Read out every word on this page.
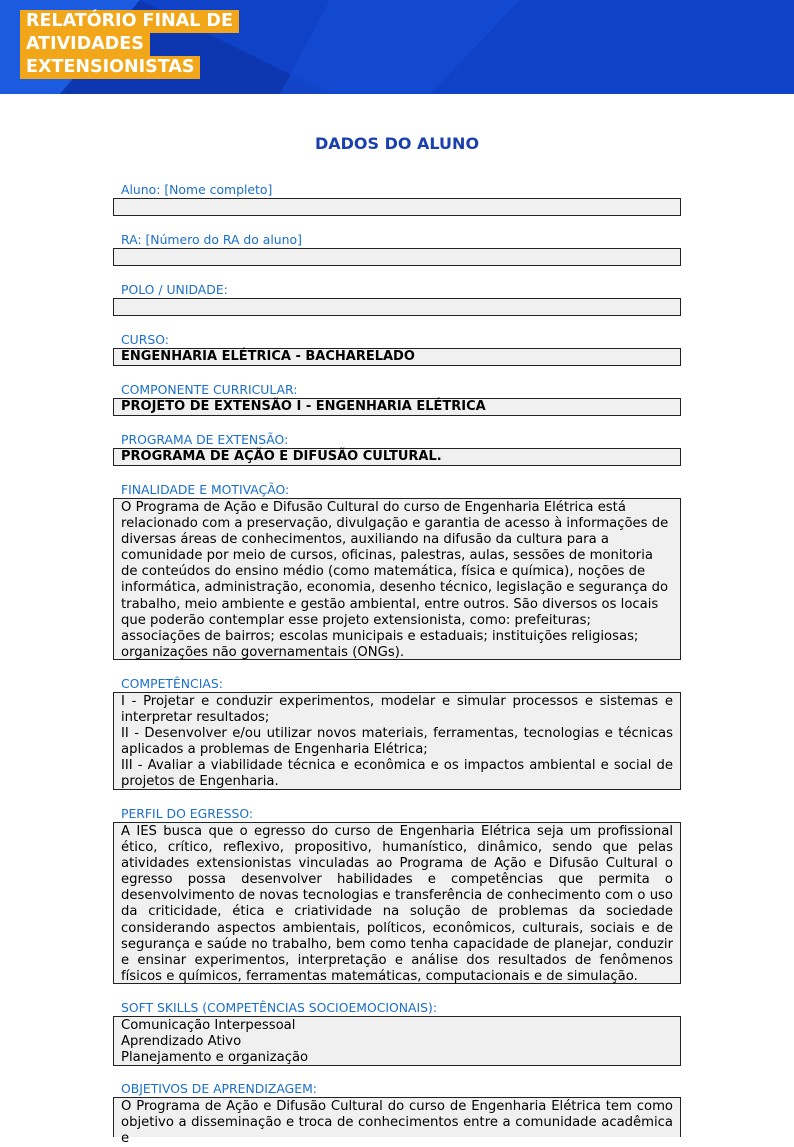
RELATÓRIO FINAL DE
ATIVIDADES
EXTENSIONISTAS
DADOS DO ALUNO
Aluno: [Nome completo]
RA: [Número do RA do aluno]
POLO / UNIDADE:
CURSO:
ENGENHARIA ELÉTRICA - BACHARELADO
COMPONENTE CURRICULAR:
PROJETO DE EXTENSÃO I - ENGENHARIA ELÉTRICA
PROGRAMA DE EXTENSÃO:
PROGRAMA DE AÇÃO E DIFUSÃO CULTURAL.
FINALIDADE E MOTIVAÇÃO:
O Programa de Ação e Difusão Cultural do curso de Engenharia Elétrica está relacionado com a preservação, divulgação e garantia de acesso à informações de diversas áreas de conhecimentos, auxiliando na difusão da cultura para a comunidade por meio de cursos, oficinas, palestras, aulas, sessões de monitoria de conteúdos do ensino médio (como matemática, física e química), noções de informática, administração, economia, desenho técnico, legislação e segurança do trabalho, meio ambiente e gestão ambiental, entre outros. São diversos os locais que poderão contemplar esse projeto extensionista, como: prefeituras; associações de bairros; escolas municipais e estaduais; instituições religiosas; organizações não governamentais (ONGs).
COMPETÊNCIAS:
I - Projetar e conduzir experimentos, modelar e simular processos e sistemas e interpretar resultados;
II - Desenvolver e/ou utilizar novos materiais, ferramentas, tecnologias e técnicas aplicados a problemas de Engenharia Elétrica;
III - Avaliar a viabilidade técnica e econômica e os impactos ambiental e social de projetos de Engenharia.
PERFIL DO EGRESSO:
A IES busca que o egresso do curso de Engenharia Elétrica seja um profissional ético, crítico, reflexivo, propositivo, humanístico, dinâmico, sendo que pelas atividades extensionistas vinculadas ao Programa de Ação e Difusão Cultural o egresso possa desenvolver habilidades e competências que permita o desenvolvimento de novas tecnologias e transferência de conhecimento com o uso da criticidade, ética e criatividade na solução de problemas da sociedade considerando aspectos ambientais, políticos, econômicos, culturais, sociais e de segurança e saúde no trabalho, bem como tenha capacidade de planejar, conduzir e ensinar experimentos, interpretação e análise dos resultados de fenômenos físicos e químicos, ferramentas matemáticas, computacionais e de simulação.
SOFT SKILLS (COMPETÊNCIAS SOCIOEMOCIONAIS):
Comunicação Interpessoal
Aprendizado Ativo
Planejamento e organização
OBJETIVOS DE APRENDIZAGEM:
O Programa de Ação e Difusão Cultural do curso de Engenharia Elétrica tem como objetivo a disseminação e troca de conhecimentos entre a comunidade acadêmica e
